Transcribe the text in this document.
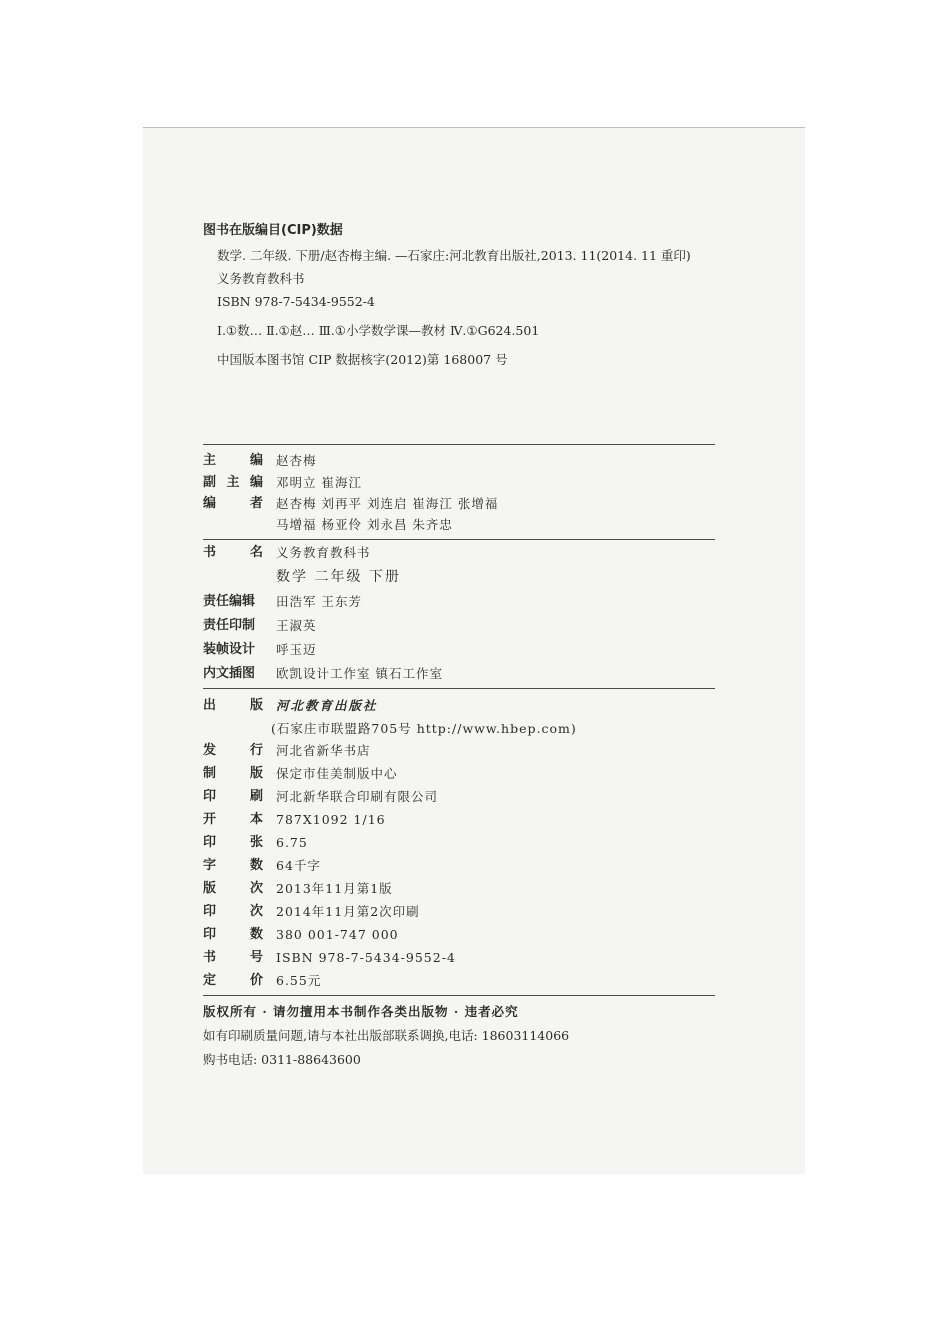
图书在版编目(CIP)数据
数学. 二年级. 下册/赵杏梅主编. —石家庄:河北教育出版社,2013. 11(2014. 11 重印)
义务教育教科书
ISBN 978-7-5434-9552-4
Ⅰ.①数… Ⅱ.①赵… Ⅲ.①小学数学课—教材 Ⅳ.①G624.501
中国版本图书馆 CIP 数据核字(2012)第 168007 号
主	编 赵杏梅
副 主 编 邓明立 崔海江
编	者 赵杏梅 刘再平 刘连启 崔海江 张增福
马增福 杨亚伶 刘永昌 朱齐忠
书	名 义务教育教科书
数学 二年级 下册
责任编辑	田浩军 王东芳
责任印制	王淑英
装帧设计	呼玉迈
内文插图	欧凯设计工作室 镇石工作室
出	版 河北教育出版社
(石家庄市联盟路705号 http://www.hbep.com)
发	行 河北省新华书店
制	版 保定市佳美制版中心
印	刷 河北新华联合印刷有限公司
开	本 787X1092 1/16
印	张 6.75
字	数 64千字
版	次 2013年11月第1版
印	次 2014年11月第2次印刷
印	数 380 001-747 000
书	号 ISBN 978-7-5434-9552-4
定	价 6.55元
版权所有 · 请勿擅用本书制作各类出版物 · 违者必究
如有印刷质量问题,请与本社出版部联系调换,电话: 18603114066
购书电话: 0311-88643600
